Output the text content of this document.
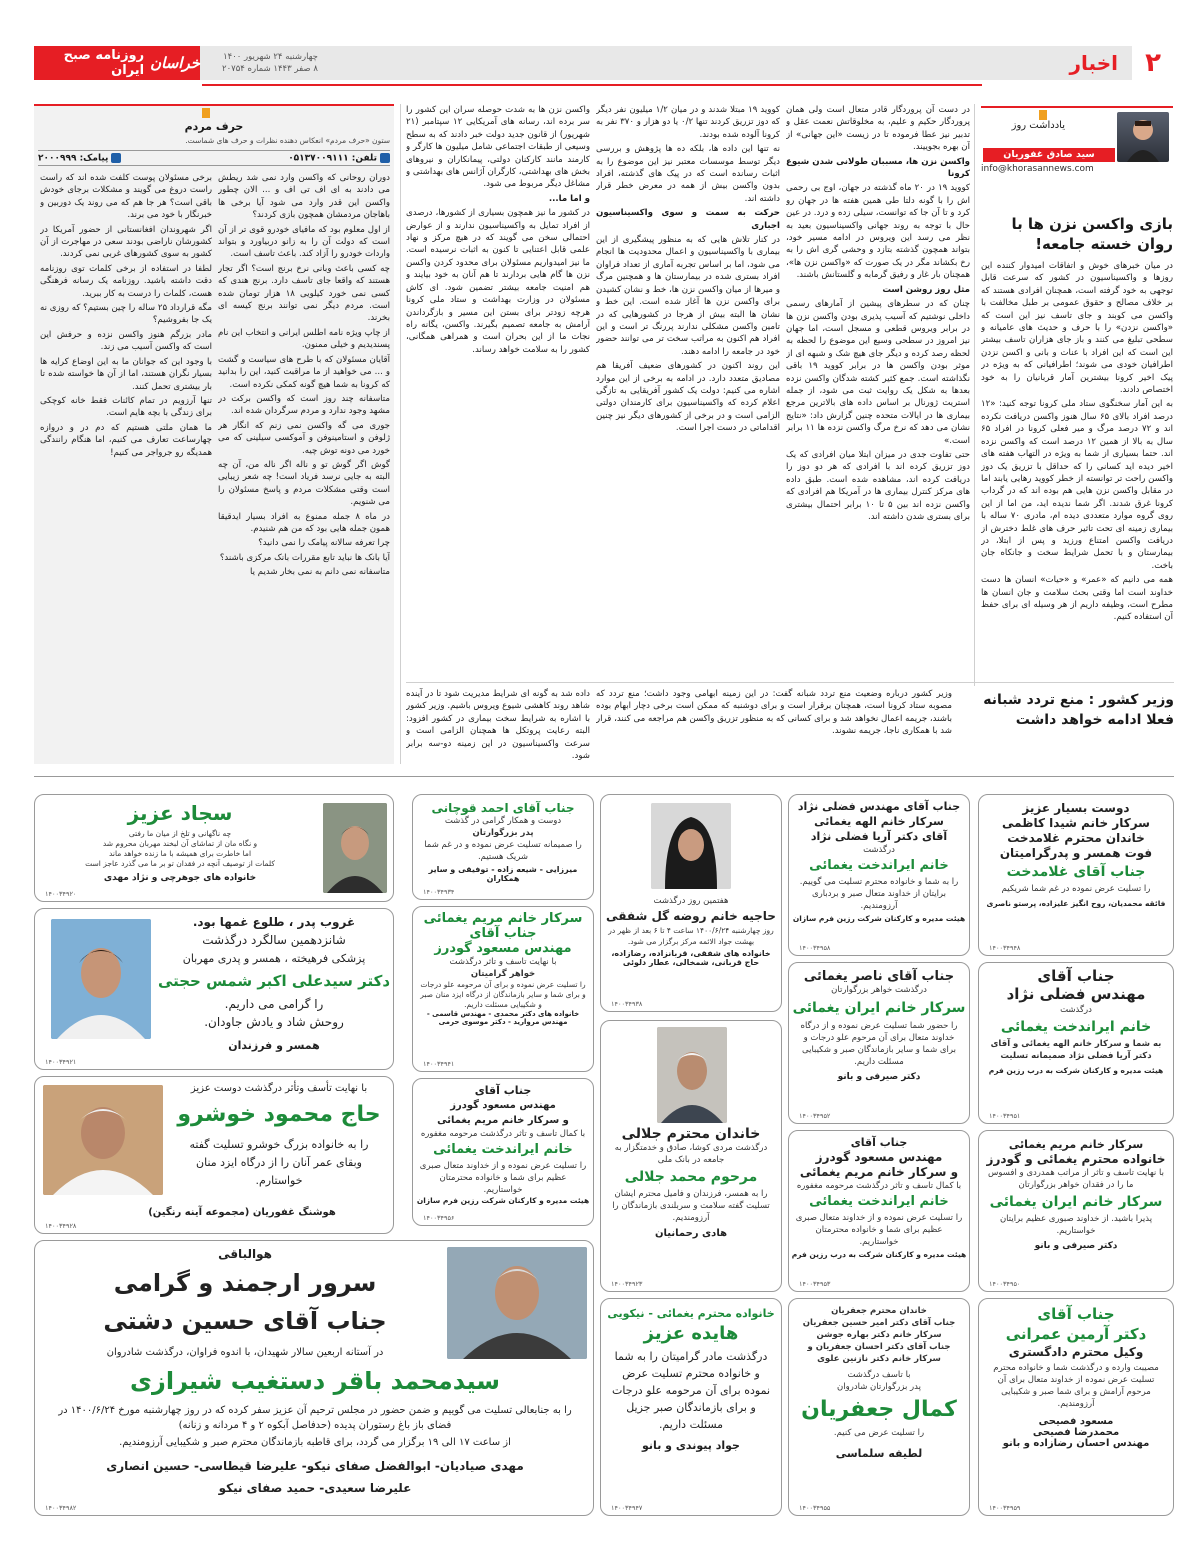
خراسان
روزنامه صبح ایران
چهارشنبه ۲۴ شهریور ۱۴۰۰
۸ صفر ۱۴۴۳ شماره ۲۰۷۵۴	اخبار	۲
یادداشت روز
سید صادق غفوریان
info@khorasannews.com
بازی واکسن نزن ها با روان خسته جامعه!

در میان خبرهای خوش و اتفاقات امیدوار کننده این روزها و واکسیناسیون در کشور که سرعت قابل توجهی به خود گرفته است، همچنان افرادی هستند که بر خلاف مصالح و حقوق عمومی بر طبل مخالفت با واکسن می کوبند و جای تاسف نیز این است که «واکسن نزدن» را با حرف و حدیث های عامیانه و سطحی تبلیغ می کنند و باز جای هزاران تاسف بیشتر این است که این افراد با عنات و بانی و اکسن نزدن اطرافیان خودی می شوند؛ اطرافیانی که به ویژه در پیک اخیر کرونا بیشترین آمار قربانیان را به خود اختصاص دادند.

به این آمار سخنگوی ستاد ملی کرونا توجه کنید: «۱۲ درصد افراد بالای ۶۵ سال هنوز واکسن دریافت نکرده اند و ۷۲ درصد مرگ و میر فعلی کرونا در افراد ۶۵ سال به بالا از همین ۱۲ درصد است که واکسن نزده اند. حتما بسیاری از شما به ویژه در التهاب هفته های اخیر دیده اید کسانی را که حداقل با تزریق یک دوز واکسن راحت تر توانسته از خطر کووید رهایی یابند اما در مقابل واکسن نزن هایی هم بوده اند که در گرداب کرونا غرق شدند. اگر شما ندیده اید، من اما از این روی گروه موارد متعددی دیده ام، مادری ۷۰ ساله با بیماری زمینه ای تحت تاثیر حرف های غلط دخترش از دریافت واکسن امتناع ورزید و پس از ابتلا، در بیمارستان و با تحمل شرایط سخت و جانکاه جان باخت.

همه می دانیم که «عمر» و «حیات» انسان ها دست خداوند است اما وقتی بحث سلامت و جان انسان ها مطرح است، وظیفه داریم از هر وسیله ای برای حفظ آن استفاده کنیم.

در دست آن پروردگار قادر متعال است ولی همان پروردگار حکیم و علیم، به مخلوقاتش نعمت عقل و تدبیر نیز عطا فرموده تا در زیست «این جهانی» از آن بهره بجوییند.

واکسن نزن ها، مسببان طولانی شدن شیوع کرونا

کووید ۱۹ در ۲۰ ماه گذشته در جهان، اوج بی رحمی اش را با گونه دلتا طی همین هفته ها در جهان رو کرد و تا آن جا که توانست، سیلی زده و درد. در عین حال با توجه به روند جهانی واکسیناسیون بعید به نظر می رسد این ویروس در ادامه مسیر خود، بتواند همچون گذشته بتازد و وحشی گری اش را به رخ بکشاند مگر در یک صورت که «واکسن نزن ها»، همچنان بار غار و رفیق گرمابه و گلستانش باشند.

مثل روز روشن است

چنان که در سطرهای پیشین از آمارهای رسمی داخلی نوشتیم که آسیب پذیری بودن واکسن نزن ها در برابر ویروس قطعی و مسجل است، اما جهان نیز امروز در سطحی وسیع این موضوع را لحظه به لحظه رصد کرده و دیگر جای هیچ شک و شبهه ای از موثر بودن واکسن ها در برابر کووید ۱۹ باقی نگذاشته است. جمع کثیر کشته شدگان واکسن نزده بعدها به شکل یک روایت ثبت می شود، از جمله استریت ژورنال بر اساس داده های بالاترین مرجع بیماری ها در ایالات متحده چنین گزارش داد: «نتایج نشان می دهد که نرخ مرگ واکسن نزده ها ۱۱ برابر است.»

حتی تفاوت جدی در میزان ابتلا میان افرادی که یک دوز تزریق کرده اند با افرادی که هر دو دوز را دریافت کرده اند، مشاهده شده است. طبق داده های مرکز کنترل بیماری ها در آمریکا هم افرادی که واکسن نزده اند بین ۵ تا ۱۰ برابر احتمال بیشتری برای بستری شدن داشته اند.

کووید ۱۹ مبتلا شدند و در میان ۱/۲ میلیون نفر دیگر که دوز تزریق کردند تنها ۰/۲ یا دو هزار و ۳۷۰ نفر به کرونا آلوده شده بودند.

نه تنها این داده ها، بلکه ده ها پژوهش و بررسی دیگر توسط موسسات معتبر نیز این موضوع را به اثبات رسانده است که در پیک های گذشته، افراد بدون واکسن بیش از همه در معرض خطر قرار داشته اند.

حرکت به سمت و سوی واکسیناسیون اجباری

در کنار تلاش هایی که به منظور پیشگیری از این بیماری با واکسیناسیون و اعمال محدودیت ها انجام می شود، اما بر اساس تجربه آماری از تعداد فراوان افراد بستری شده در بیمارستان ها و همچنین مرگ و میرها از میان واکسن نزن ها، خط و نشان کشیدن برای واکسن نزن ها آغاز شده است. این خط و نشان ها البته بیش از هرجا در کشورهایی که در تامین واکسن مشکلی ندارند پررنگ تر است و این افراد هم اکنون به مراتب سخت تر می توانند حضور خود در جامعه را ادامه دهند.

این روند اکنون در کشورهای ضعیف آفریقا هم مصادیق متعدد دارد. در ادامه به برخی از این موارد اشاره می کنیم: دولت یک کشور آفریقایی به تازگی اعلام کرده که واکسیناسیون برای کارمندان دولتی الزامی است و در برخی از کشورهای دیگر نیز چنین اقداماتی در دست اجرا است.

واکسن نزن ها به شدت حوصله سران این کشور را سر برده اند، رسانه های آمریکایی ۱۲ سپتامبر (۲۱ شهریور) از قانون جدید دولت خبر دادند که به سطح وسیعی از طبقات اجتماعی شامل میلیون ها کارگر و کارمند مانند کارکنان دولتی، پیمانکاران و نیروهای بخش های بهداشتی، کارگران آژانس های بهداشتی و مشاغل دیگر مربوط می شود.

و اما ما...

در کشور ما نیز همچون بسیاری از کشورها، درصدی از افراد تمایل به واکسیناسیون ندارند و از عوارض احتمالی سخن می گویند که در هیچ مرکز و نهاد علمی قابل اعتنایی تا کنون به اثبات نرسیده است. ما نیز امیدواریم مسئولان برای محدود کردن واکسن نزن ها گام هایی بردارند تا هم آنان به خود بیایند و هم امنیت جامعه بیشتر تضمین شود. ای کاش مسئولان در وزارت بهداشت و ستاد ملی کرونا هرچه زودتر برای بستن این مسیر و بازگرداندن آرامش به جامعه تصمیم بگیرند. واکسن، یگانه راه نجات ما از این بحران است و همراهی همگانی، کشور را به سلامت خواهد رساند.

وزیر کشور : منع تردد شبانه فعلا ادامه خواهد داشت

وزیر کشور درباره وضعیت منع تردد شبانه گفت: در این زمینه ابهامی وجود داشت؛ منع تردد که مصوبه ستاد کرونا است، همچنان برقرار است و برای دوشنبه که ممکن است برخی دچار ابهام بوده باشند، جریمه اعمال نخواهد شد و برای کسانی که به منظور تزریق واکسن هم مراجعه می کنند، قرار شد با همکاری ناجا، جریمه نشوند.

داده شد به گونه ای شرایط مدیریت شود تا در آینده شاهد روند کاهشی شیوع ویروس باشیم. وزیر کشور با اشاره به شرایط سخت بیماری در کشور افزود: البته رعایت پروتکل ها همچنان الزامی است و سرعت واکسیناسیون در این زمینه دو-سه برابر شود.

حرف مردم
ستون «حرف مردم» انعکاس دهنده نظرات و حرف های شماست.
تلفن: ۰۵۱۳۷۰۰۹۱۱۱
پیامک: ۲۰۰۰۹۹۹

دوران روحانی که واکسن وارد نمی شد ریطش می دادند به ای اف تی اف و ... الان چطور واکسن این قدر وارد می شود آیا برخی ها باهاجان مردمشان همچون بازی کردند؟

از اول معلوم بود که مافیای خودرو قوی تر از آن است که دولت آن را به زانو دربیاورد و بتواند واردات خودرو را آزاد کند. باعث تاسف است.

چه کسی باعث وبانی نرخ برنج است؟ اگر تجار هستند که واقعا جای تاسف دارد. برنج هندی که کسی نمی خورد کیلویی ۱۸ هزار تومان شده است. مردم دیگر نمی توانند برنج کیسه ای بخرند.

از چاپ ویژه نامه اطلس ایرانی و انتخاب این نام پسندیدیم و خیلی ممنون.

آقایان مسئولان که با طرح های سیاست و گشت و ... می خواهید از ما مراقبت کنید، این را بدانید که کرونا به شما هیچ گونه کمکی نکرده است.

متاسفانه چند روز است که واکسن برکت در مشهد وجود ندارد و مردم سرگردان شده اند.

جوری می گه واکسن نمی زنم که انگار هر ژلوفن و استامینوفن و آموکسی سیلینی که می خورد می دونه توش چیه.

گوش اگر گوش تو و ناله اگر ناله من، آن چه البته به جایی نرسد فریاد است! چه شعر زیبایی است وقتی مشکلات مردم و پاسخ مسئولان را می شنویم.

در ماه ۸ جمله ممنوع به افراد بسیار ایدقیقا همون جمله هایی بود که من هم شنیدم.

چرا تعرفه سالانه پیامک را نمی دانید؟

آیا بانک ها نباید تابع مقررات بانک مرکزی باشند؟

متاسفانه نمی دانم به نمی بخار شدیم یا

برخی مسئولان پوست کلفت شده اند که راست راست دروغ می گویند و مشکلات برجای خودش باقی است؟ هر جا هم که می روند یک دوربین و خبرنگار با خود می برند.

اگر شهروندان افغانستانی از حضور آمریکا در کشورشان ناراضی بودند سعی در مهاجرت از آن کشور به سوی کشورهای غربی نمی کردند.

لطفا در استفاده از برخی کلمات توی روزنامه دقت داشته باشید. روزنامه یک رسانه فرهنگی هست، کلمات را درست به کار ببرید.

مگه قرارداد ۲۵ ساله را چین بستیم؟ که روزی نه یک جا بفروشیم؟

مادر بزرگم هنوز واکسن نزده و حرفش این است که واکسن آسیب می زند.

با وجود این که جوانان ما به این اوضاع کرایه ها بسیار نگران هستند، اما از آن ها خواسته شده تا بار بیشتری تحمل کنند.

تنها آرزویم در تمام کائنات فقط خانه کوچکی برای زندگی با بچه هایم است.

ما همان ملتی هستیم که دم در و دروازه چهارساعت تعارف می کنیم، اما هنگام رانندگی همدیگه رو جرواجر می کنیم!

دوست بسیار عزیز
سرکار خانم شیدا کاظمی
خاندان محترم غلامدخت
فوت همسر و پدرگرامیتان
جناب آقای غلامدخت
را تسلیت عرض نموده در غم شما شریکیم
فائقه محمدیان، روح انگیز علیزاده، پرستو ناصری
۱۴۰۰۳۴۹۴۸
جناب آقای
مهندس فضلی نژاد
درگذشت
خانم ایراندخت یغمائی
به شما و سرکار خانم الهه یغمائی و آقای دکتر آریا فضلی نژاد صمیمانه تسلیت
هیئت مدیره و کارکنان شرکت به درب رزین فرم
۱۴۰۰۳۴۹۵۱
سرکار خانم مریم یغمائی
خانواده محترم یغمائی و گودرز
با نهایت تاسف و تاثر از مراتب همدردی و افسوس ما را در فقدان خواهر بزرگوارتان
سرکار خانم ایران یغمائی
پذیرا باشید. از خداوند صبوری عظیم برایتان خواستاریم.
دکتر صیرفی و بانو
۱۴۰۰۳۴۹۵۰
جناب آقای
دکتر آرمین عمرانی
وکیل محترم دادگستری
مصیبت وارده و درگذشت شما و خانواده محترم تسلیت عرض نموده از خداوند متعال برای آن مرحوم آرامش و برای شما صبر و شکیبایی آرزومندیم.
مسعود فصیحی
محمدرضا فصیحی
مهندس احسان رضازاده و بانو
۱۴۰۰۳۴۹۵۹
جناب آقای مهندس فضلی نژاد
سرکار خانم الهه یغمائی
آقای دکتر آریا فضلی نژاد
درگذشت
خانم ایراندخت یغمائی
را به شما و خانواده محترم تسلیت می گوییم. برایتان از خداوند متعال صبر و بردباری آرزومندیم.
هیئت مدیره و کارکنان شرکت رزین فرم سازان
۱۴۰۰۳۴۹۵۸
جناب آقای ناصر یغمائی
درگذشت خواهر بزرگوارتان
سرکار خانم ایران یغمائی
را حضور شما تسلیت عرض نموده و از درگاه خداوند متعال برای آن مرحوم علو درجات و برای شما و سایر بازماندگان صبر و شکیبایی مسئلت داریم.
دکتر صیرفی و بانو
۱۴۰۰۳۴۹۵۲
جناب آقای
مهندس مسعود گودرز
و سرکار خانم مریم یغمائی
با کمال تاسف و تاثر درگذشت مرحومه مغفوره
خانم ایراندخت یغمائی
را تسلیت عرض نموده و از خداوند متعال صبری عظیم برای شما و خانواده محترمتان خواستاریم.
هیئت مدیره و کارکنان شرکت به درب رزین فرم
۱۴۰۰۳۴۹۵۳
خاندان محترم جعفریان
جناب آقای دکتر امیر حسین جعفریان
سرکار خانم دکتر بهاره جوشن
جناب آقای دکتر احسان جعفریان و
سرکار خانم دکتر نازنین علوی
با تاسف درگذشت
پدر بزرگوارتان شادروان
کمال جعفریان
را تسلیت عرض می کنیم.
لطیفه سلماسی
۱۴۰۰۳۴۹۵۵
هفتمین روز درگذشت
حاجیه خانم روضه گل شفقی
روز چهارشنبه ۱۴۰۰/۶/۲۴ ساعت ۴ تا ۶ بعد از ظهر در بهشت جواد الائمه مرکز برگزار می شود.
خانواده های شفقی، قربانزاده، رضازاده، حاج قربانی، شمخالی، عطار دلوئی
۱۴۰۰۳۴۹۳۸
خاندان محترم جلالی
درگذشت مردی کوشا، صادق و خدمتگزار به جامعه در بانک ملی
مرحوم محمد جلالی
را به همسر، فرزندان و فامیل محترم ایشان تسلیت گفته سلامت و سربلندی بازماندگان را آرزومندیم.
هادی رحمانیان
۱۴۰۰۳۴۹۲۳
خانواده محترم یغمائی - نیکویی
هایده عزیز
درگذشت مادر گرامیتان را به شما و خانواده محترم تسلیت عرض نموده برای آن مرحومه علو درجات و برای بازماندگان صبر جزیل مسئلت داریم.
جواد پیوندی و بانو
۱۴۰۰۳۴۹۴۷
جناب آقای احمد قوچانی
دوست و همکار گرامی در گذشت
پدر بزرگوارتان
را صمیمانه تسلیت عرض نموده و در غم شما شریک هستیم.
میرزایی - شیعه زاده - توفیقی و سایر همکاران
۱۴۰۰۳۴۹۳۴
سرکار خانم مریم یغمائی
جناب آقای
مهندس مسعود گودرز
با نهایت تاسف و تاثر درگذشت
خواهر گرامیتان
را تسلیت عرض نموده و برای آن مرحومه علو درجات و برای شما و سایر بازماندگان از درگاه ایزد منان صبر و شکیبایی مسئلت داریم.
خانواده های دکتر محمدی - مهندس قاسمی - مهندس مروارید - دکتر موسوی حرمی
۱۴۰۰۳۴۹۴۱
جناب آقای
مهندس مسعود گودرز
و سرکار خانم مریم یغمائی
با کمال تاسف و تاثر درگذشت مرحومه مغفوره
خانم ایراندخت یغمائی
را تسلیت عرض نموده و از خداوند متعال صبری عظیم برای شما و خانواده محترمتان خواستاریم.
هیئت مدیره و کارکنان شرکت رزین فرم سازان
۱۴۰۰۳۴۹۵۶
سجاد عزیز
چه ناگهانی و تلخ از میان ما رفتی
و نگاه مان از تماشای آن لبخند مهربان محروم شد
اما خاطرت برای همیشه با ما زنده خواهد ماند
کلمات از توصیف آنچه در فقدان تو بر ما می گذرد عاجز است
خانواده های جوهرچی و نژاد مهدی
۱۴۰۰۳۴۹۲۰
غروب پدر ، طلوع غمها بود.
شانزدهمین سالگرد درگذشت
پزشکی فرهیخته ، همسر و پدری مهربان
دکتر سیدعلی اکبر شمس حجتی
را گرامی می داریم.
روحش شاد و یادش جاودان.
همسر و فرزندان
۱۴۰۰۳۴۹۲۱
با نهایت تأسف وتأثر درگذشت دوست عزیز
حاج محمود خوشرو
را به خانواده بزرگ خوشرو تسلیت گفته
وبقای عمر آنان را از درگاه ایزد منان
خواستارم.
هوشنگ غفوریان (مجموعه آینه رنگین)
۱۴۰۰۳۴۹۲۸
هوالباقی
سرور ارجمند و گرامی
جناب آقای حسین دشتی
در آستانه اربعین سالار شهیدان، با اندوه فراوان، درگذشت شادروان
سیدمحمد باقر دستغیب شیرازی
را به جنابعالی تسلیت می گوییم و ضمن حضور در مجلس ترحیم آن عزیز سفر کرده که در روز چهارشنبه مورخ ۱۴۰۰/۶/۲۴ در فضای باز باغ رستوران پدیده (حدفاصل آبکوه ۲ و ۴ مردانه و زنانه)
از ساعت ۱۷ الی ۱۹ برگزار می گردد، برای قاطبه بازماندگان محترم صبر و شکیبایی آرزومندیم.
مهدی صیادیان- ابوالفضل صفای نیکو- علیرضا قیطاسی- حسین انصاری
علیرضا سعیدی- حمید صفای نیکو
۱۴۰۰۳۴۹۸۲
